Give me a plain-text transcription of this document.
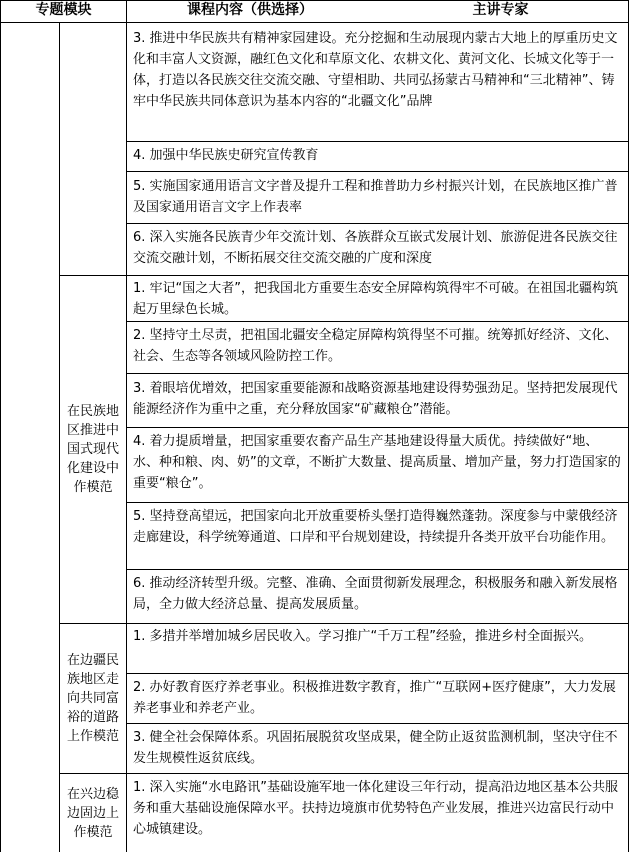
专题模块	课程内容（供选择）	主讲专家
在民族地区推进中国式现代化建设中作模范
在边疆民族地区走向共同富裕的道路上作模范
在兴边稳边固边上作模范
3. 推进中华民族共有精神家园建设。充分挖掘和生动展现内蒙古大地上的厚重历史文化和丰富人文资源，融红色文化和草原文化、农耕文化、黄河文化、长城文化等于一体，打造以各民族交往交流交融、守望相助、共同弘扬蒙古马精神和“三北精神”、铸牢中华民族共同体意识为基本内容的“北疆文化”品牌
4. 加强中华民族史研究宣传教育
5. 实施国家通用语言文字普及提升工程和推普助力乡村振兴计划，在民族地区推广普及国家通用语言文字上作表率
6. 深入实施各民族青少年交流计划、各族群众互嵌式发展计划、旅游促进各民族交往交流交融计划，不断拓展交往交流交融的广度和深度
1. 牢记“国之大者”，把我国北方重要生态安全屏障构筑得牢不可破。在祖国北疆构筑起万里绿色长城。
2. 坚持守土尽责，把祖国北疆安全稳定屏障构筑得坚不可摧。统筹抓好经济、文化、社会、生态等各领域风险防控工作。
3. 着眼培优增效，把国家重要能源和战略资源基地建设得势强劲足。坚持把发展现代能源经济作为重中之重，充分释放国家“矿藏粮仓”潜能。
4. 着力提质增量，把国家重要农畜产品生产基地建设得量大质优。持续做好“地、水、种和粮、肉、奶”的文章，不断扩大数量、提高质量、增加产量，努力打造国家的重要“粮仓”。
5. 坚持登高望远，把国家向北开放重要桥头堡打造得巍然蓬勃。深度参与中蒙俄经济走廊建设，科学统筹通道、口岸和平台规划建设，持续提升各类开放平台功能作用。
6. 推动经济转型升级。完整、准确、全面贯彻新发展理念，积极服务和融入新发展格局，全力做大经济总量、提高发展质量。
1. 多措并举增加城乡居民收入。学习推广“千万工程”经验，推进乡村全面振兴。
2. 办好教育医疗养老事业。积极推进数字教育，推广“互联网+医疗健康”，大力发展养老事业和养老产业。
3. 健全社会保障体系。巩固拓展脱贫攻坚成果，健全防止返贫监测机制，坚决守住不发生规模性返贫底线。
1. 深入实施“水电路讯”基础设施军地一体化建设三年行动，提高沿边地区基本公共服务和重大基础设施保障水平。扶持边境旗市优势特色产业发展，推进兴边富民行动中心城镇建设。
